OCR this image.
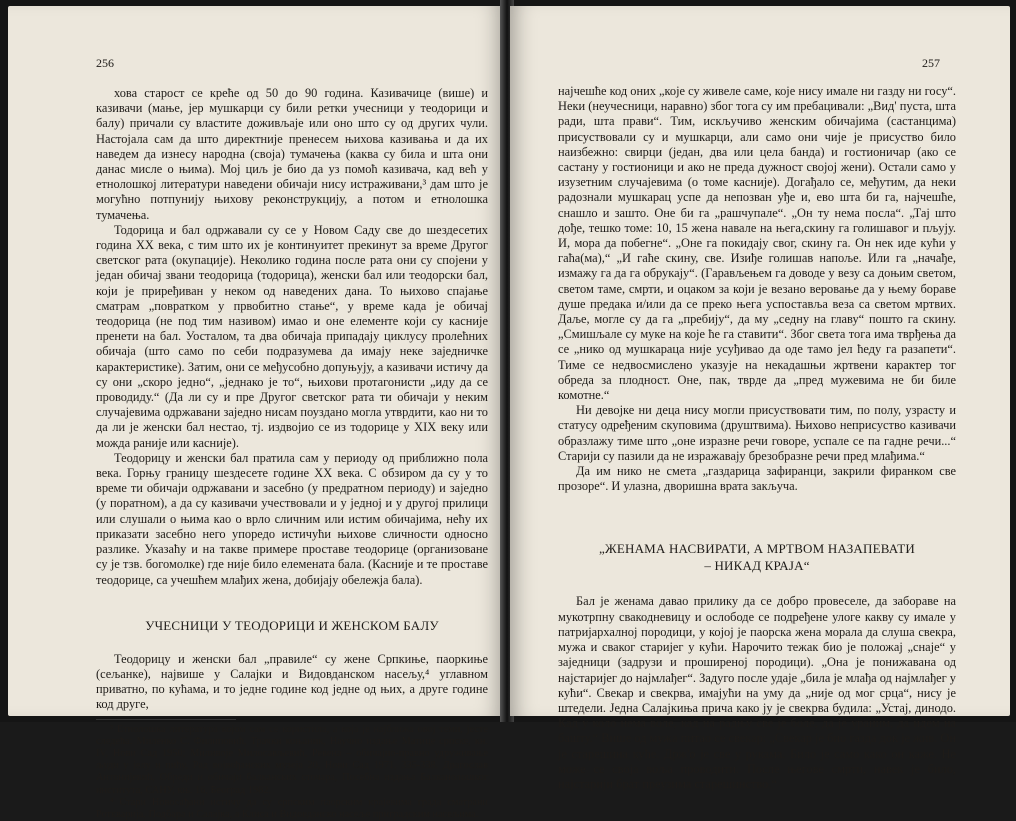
256

хова старост се креће од 50 до 90 година. Казивачице (више) и казивачи (мање, јер мушкарци су били ретки учесници у теодорици и балу) причали су властите доживљаје или оно што су од других чули. Настојала сам да што директније пренесем њихова казивања и да их наведем да изнесу народна (своја) тумачења (каква су била и шта они данас мисле о њима). Мој циљ је био да уз помоћ казивача, кад већ у етнолошкој литератури наведени обичаји нису истраживани,³ дам што је могућно потпунију њихову реконструкцију, а потом и етнолошка тумачења.

Тодорица и бал одржавали су се у Новом Саду све до шездесетих година XX века, с тим што их је континуитет прекинут за време Другог светског рата (окупације). Неколико година после рата они су спојени у један обичај звани теодорица (тодорица), женски бал или теодорски бал, који је приређиван у неком од наведених дана. То њихово спајање сматрам „повратком у првобитно стање“, у време када је обичај теодорица (не под тим називом) имао и оне елементе који су касније пренети на бал. Уосталом, та два обичаја припадају циклусу пролећних обичаја (што само по себи подразумева да имају неке заједничке карактеристике). Затим, они се међусобно допуњују, а казивачи истичу да су они „скоро једно“, „једнако је то“, њихови протагонисти „иду да се проводиду.“ (Да ли су и пре Другог светског рата ти обичаји у неким случајевима одржавани заједно нисам поуздано могла утврдити, као ни то да ли је женски бал нестао, тј. издвојио се из тодорице у XIX веку или можда раније или касније).

Теодорицу и женски бал пратила сам у периоду од приближно пола века. Горњу границу шездесете године XX века. С обзиром да су у то време ти обичаји одржавани и засебно (у предратном периоду) и заједно (у поратном), а да су казивачи учествовали и у једној и у другој прилици или слушали о њима као о врло сличним или истим обичајима, нећу их приказати засебно него упоредо истичући њихове сличности односно разлике. Указаћу и на такве примере проставе теодорице (организоване су је тзв. богомолке) где није било елемената бала. (Касније и те проставе теодорице, са учешћем млађих жена, добијају обележја бала).

УЧЕСНИЦИ У ТЕОДОРИЦИ И ЖЕНСКОМ БАЛУ

Теодорицу и женски бал „правиле“ су жене Српкиње, паоркиње (сељанке), највише у Салајки и Видовданском насељу,⁴ углавном приватно, по кућама, и то једне године код једне од њих, а друге године код друге,

³ Етнолошка литература којом сам се користила, а која је најближа овој теми, јесте следећа: Миленко С. Филиповић, Трачки коњаник, Научно издање Матице српске, кн. IV, Нови Сад 1950; Миливоје Милосављевић, Ревена – обичајно-правно удруживање људи у јелу и пићу, Рад војвођанских музеја 20, Нови Сад 1971, 335-338. Драгослав Антонијевић, Обреди и обичаји балканских сточара, Посебна издања Балканолошког института, САНУ, књ. 16, Београд 1982.

⁴ Стари Новосађани истичу да су српским паорским крајевима града сматрани Роткварија, Подбара и Салајка, а Клиса и Видовданско насеље приградским насељима.

257

најчешће код оних „које су живеле саме, које нису имале ни газду ни госу“. Неки (неучесници, наравно) због тога су им пребацивали: „Вид' пуста, шта ради, шта прави“. Тим, искључиво женским обичајима (састанцима) присуствовали су и мушкарци, али само они чије је присуство било наизбежно: свирци (један, два или цела банда) и гостионичар (ако се састану у гостионици и ако не преда дужност својој жени). Остали само у изузетним случајевима (о томе касније). Догађало се, међутим, да неки радознали мушкарац успе да непозван уђе и, ево шта би га, најчешће, снашло и зашто. Оне би га „рашчупале“. „Он ту нема посла“. „Тај што дође, тешко томе: 10, 15 жена навале на њега,скину га голишавог и пљују. И, мора да побегне“. „Оне га покидају свог, скину га. Он нек иде кући у гаћа(ма),“ „И гаће скину, све. Изиђе голишав напоље. Или га „начађе, измажу га да га обрукају“. (Гарављењем га доводе у везу са доњим светом, светом таме, смрти, и оцаком за који је везано веровање да у њему боравe душе предака и/или да се преко њега успоставља веза са светом мртвих. Даље, могле су да га „пребију“, да му „седну на главу“ пошто га скину. „Смишљале су муке на које ће га ставити“. Због света тога има тврђења да се „нико од мушкараца није усуђивао да оде тамо јел ћеду га разапети“. Тиме се недвосмислено указује на некадашњи жртвени карактер тог обреда за плодност. Оне, пак, тврде да „пред мужевима не би биле комотне.“

Ни девојке ни деца нису могли присуствовати тим, по полу, узрасту и статусу одређеним скуповима (друштвима). Њихово неприсуство казивачи образлажу тиме што „оне изразне речи говоре, успале се па гадне речи...“ Старији су пазили да не изражавају брезобразне речи пред млађима.“

Да им нико не смета „газдарица зафиранци, закрили фиранком све прозоре“. И улазна, дворишна врата закључа.

„ЖЕНАМА НАСВИРАТИ, А МРТВОМ НАЗАПЕВАТИ
– НИКАД КРАЈА“

Бал је женама давао прилику да се добро провеселе, да забораве на мукотрпну свакодневицу и ослободе се подређене улоге какву су имале у патријархалној породици, у којој је паорска жена морала да слуша свекра, мужа и сваког старијег у кући. Нарочито тежак био је положај „снаје“ у заједници (задрузи и проширеној породици). „Она је понижавана од најстаријег до најмлађег“. Задуго после удаје „била је млађа од најмлађег у кући“. Свекар и свекрва, имајући на уму да „није од мог срца“, нису је штедели. Једна Салајкиња прича како ју је свекрва будила: „Устај, динодо. Кад у коло нема воле, кад на радњу све је боле, да је ураним, да идем на башту.“ Више од мужа питао се свекар: „Свекар је био газда док је жив. Он је старешина куће. Држ'о је све у рукама. Било је само како он каже. Не може се своја воља проводити. После његове смрти, навек је било, најстарији брат преузима старешинство.“
